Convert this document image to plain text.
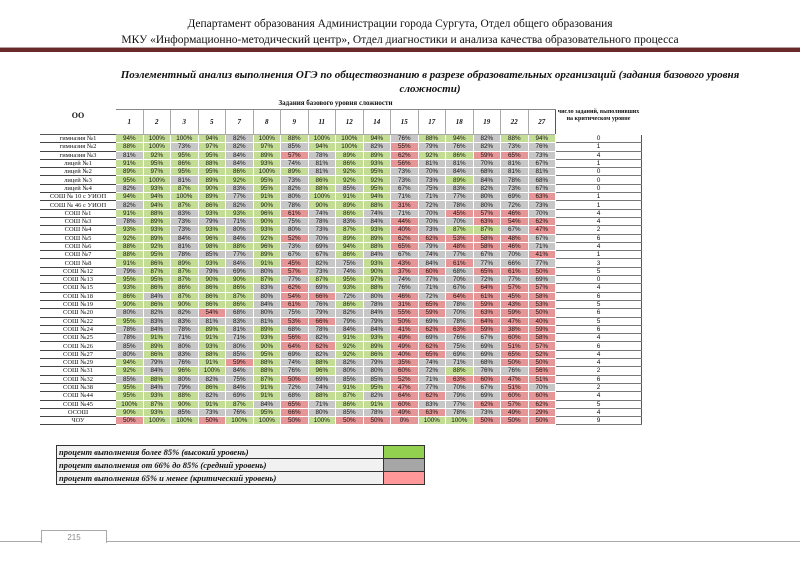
Департамент образования Администрации города Сургута, Отдел общего образования
МКУ «Информационно-методический центр», Отдел диагностики и анализа качества образовательного процесса
Поэлементный анализ выполнения ОГЭ по обществознанию в разрезе образовательных организаций (задания базового уровня сложности)
ОО	Задания базового уровня сложности																число заданий, выполнивших на критическом уровне
	1	2	3	5	7	8	9	11	12	14	15	17	18	19	22	27	
гимназия №1	94%	100%	100%	94%	82%	100%	88%	100%	100%	94%	76%	88%	94%	82%	88%	94%	0
гимназия №2	88%	100%	73%	97%	82%	97%	85%	94%	100%	82%	55%	79%	76%	82%	73%	76%	1
гимназия №3	81%	92%	95%	95%	84%	89%	57%	78%	89%	89%	62%	92%	86%	59%	65%	73%	4
лицей №1	91%	95%	86%	88%	84%	93%	74%	81%	86%	93%	56%	81%	81%	70%	81%	67%	1
лицей №2	89%	97%	95%	95%	86%	100%	89%	81%	92%	95%	73%	70%	84%	68%	81%	81%	0
лицей №3	95%	100%	81%	89%	92%	95%	73%	86%	92%	92%	73%	73%	89%	84%	78%	68%	0
лицей №4	82%	93%	87%	90%	83%	95%	82%	88%	85%	95%	67%	75%	83%	82%	73%	67%	0
СОШ № 10 с УИОП	94%	94%	100%	89%	77%	91%	80%	100%	91%	94%	71%	71%	77%	80%	69%	63%	1
СОШ № 46 с УИОП	82%	94%	87%	86%	82%	90%	78%	90%	89%	88%	31%	72%	78%	80%	72%	73%	1
СОШ №1	91%	88%	83%	93%	93%	96%	61%	74%	86%	74%	71%	70%	45%	57%	46%	70%	4
СОШ №3	78%	89%	73%	79%	71%	90%	75%	78%	83%	84%	44%	70%	70%	63%	54%	62%	4
СОШ №4	93%	93%	73%	93%	80%	93%	80%	73%	87%	93%	40%	73%	87%	87%	67%	47%	2
СОШ №5	92%	89%	84%	96%	84%	92%	52%	70%	89%	89%	62%	62%	53%	58%	48%	67%	6
СОШ №6	88%	92%	81%	98%	88%	96%	73%	69%	94%	88%	65%	79%	48%	58%	46%	71%	4
СОШ №7	88%	95%	78%	85%	77%	89%	67%	67%	86%	84%	67%	74%	77%	67%	70%	41%	1
СОШ №8	91%	86%	89%	93%	84%	91%	45%	82%	75%	93%	43%	84%	61%	77%	66%	77%	3
СОШ №12	79%	87%	87%	79%	69%	80%	57%	73%	74%	90%	37%	60%	68%	65%	61%	50%	5
СОШ №13	95%	95%	87%	90%	90%	87%	77%	87%	95%	97%	74%	77%	70%	72%	77%	69%	0
СОШ №15	93%	86%	86%	86%	86%	83%	62%	69%	93%	88%	76%	71%	67%	64%	57%	57%	4
СОШ №18	86%	84%	87%	86%	87%	80%	54%	66%	72%	80%	46%	72%	64%	61%	45%	58%	6
СОШ №19	90%	86%	90%	86%	86%	84%	61%	76%	86%	78%	31%	65%	78%	59%	43%	53%	5
СОШ №20	80%	82%	82%	54%	68%	80%	75%	79%	82%	84%	55%	59%	70%	63%	59%	50%	6
СОШ №22	95%	83%	83%	81%	83%	81%	53%	66%	79%	79%	50%	69%	78%	64%	47%	40%	5
СОШ №24	78%	84%	78%	89%	81%	89%	68%	78%	84%	84%	41%	62%	63%	59%	38%	59%	6
СОШ №25	78%	91%	71%	91%	71%	93%	56%	82%	91%	93%	49%	69%	76%	67%	60%	58%	4
СОШ №26	85%	89%	80%	93%	80%	90%	64%	62%	92%	89%	49%	62%	75%	69%	51%	57%	6
СОШ №27	80%	86%	83%	88%	85%	95%	69%	82%	92%	86%	40%	65%	69%	69%	65%	52%	4
СОШ №29	94%	79%	76%	91%	59%	88%	74%	88%	82%	79%	35%	74%	71%	68%	50%	50%	4
СОШ №31	92%	84%	96%	100%	84%	88%	76%	96%	80%	80%	60%	72%	88%	76%	76%	56%	2
СОШ №32	85%	88%	80%	82%	75%	87%	50%	69%	85%	85%	52%	71%	63%	60%	47%	51%	6
СОШ №38	95%	84%	79%	86%	84%	91%	72%	74%	91%	95%	47%	77%	70%	67%	51%	70%	2
СОШ №44	95%	93%	88%	82%	69%	91%	68%	88%	87%	82%	64%	62%	79%	69%	60%	60%	4
СОШ №45	100%	87%	90%	91%	87%	84%	65%	71%	86%	91%	60%	83%	77%	62%	57%	62%	5
ОСОШ	90%	93%	85%	73%	76%	95%	66%	80%	85%	78%	49%	63%	78%	73%	49%	29%	4
ЧОУ	50%	100%	100%	50%	100%	100%	50%	100%	50%	50%	0%	100%	100%	50%	50%	50%	9
процент выполнения более 85% (высокий уровень)	
процент выполнения от 66% до 85% (средний уровень)	
процент выполнения 65% и менее (критический уровень)	
215
